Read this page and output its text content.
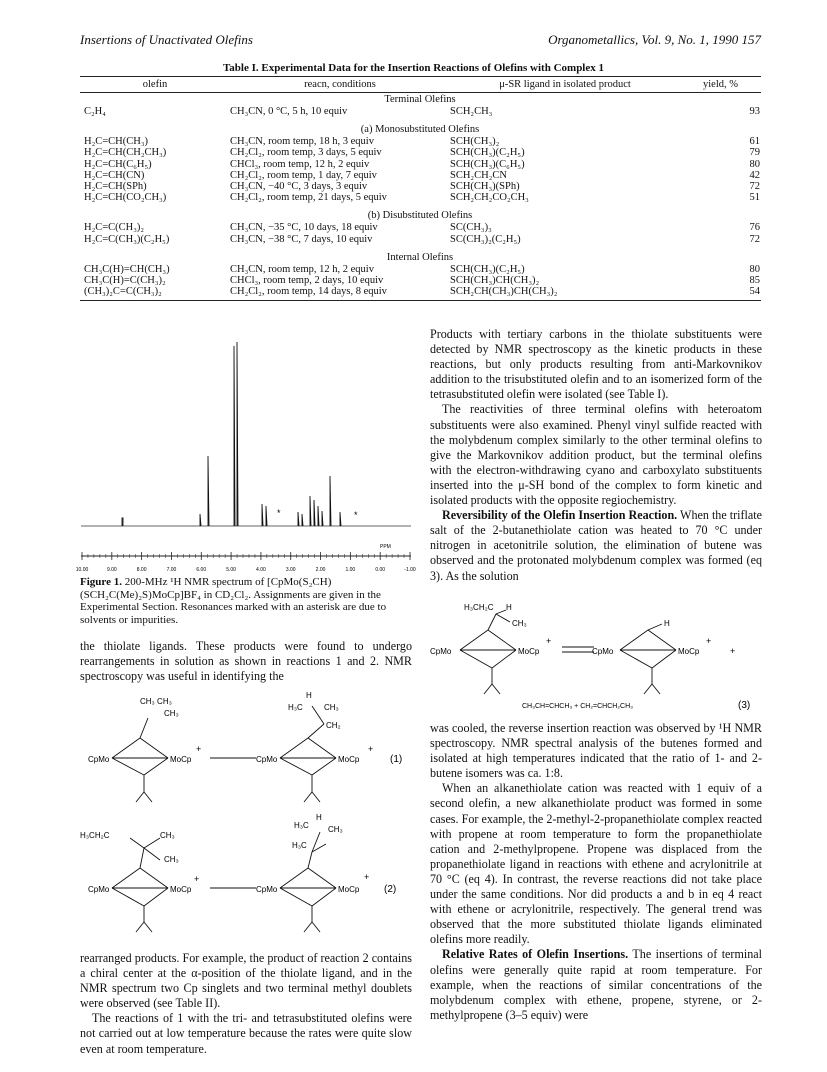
Insertions of Unactivated Olefins	Organometallics, Vol. 9, No. 1, 1990 157
Table I. Experimental Data for the Insertion Reactions of Olefins with Complex 1
olefin	reacn, conditions	μ-SR ligand in isolated product	yield, %
Terminal Olefins
C₂H₄	CH₃CN, 0 °C, 5 h, 10 equiv	SCH₂CH₃	93
(a) Monosubstituted Olefins
H₂C=CH(CH₃)	CH₃CN, room temp, 18 h, 3 equiv	SCH(CH₃)₂	61
H₂C=CH(CH₂CH₃)	CH₂Cl₂, room temp, 3 days, 5 equiv	SCH(CH₃)(C₂H₅)	79
H₂C=CH(C₆H₅)	CHCl₃, room temp, 12 h, 2 equiv	SCH(CH₃)(C₆H₅)	80
H₂C=CH(CN)	CH₂Cl₂, room temp, 1 day, 7 equiv	SCH₂CH₂CN	42
H₂C=CH(SPh)	CH₃CN, −40 °C, 3 days, 3 equiv	SCH(CH₃)(SPh)	72
H₂C=CH(CO₂CH₃)	CH₂Cl₂, room temp, 21 days, 5 equiv	SCH₂CH₂CO₂CH₃	51
(b) Disubstituted Olefins
H₂C=C(CH₃)₂	CH₃CN, −35 °C, 10 days, 18 equiv	SC(CH₃)₃	76
H₂C=C(CH₃)(C₂H₅)	CH₃CN, −38 °C, 7 days, 10 equiv	SC(CH₃)₂(C₂H₅)	72
Internal Olefins
CH₃C(H)=CH(CH₃)	CH₃CN, room temp, 12 h, 2 equiv	SCH(CH₃)(C₂H₅)	80
CH₃C(H)=C(CH₃)₂	CHCl₃, room temp, 2 days, 10 equiv	SCH(CH₃)CH(CH₃)₂	85
(CH₃)₂C=C(CH₃)₂	CH₂Cl₂, room temp, 14 days, 8 equiv	SCH₂CH(CH₃)CH(CH₃)₂	54
10.00	9.00	8.00	7.00	6.00	5.00	4.00	3.00	2.00	1.00	0.00	-1.00
PPM
*	*
Figure 1. 200-MHz ¹H NMR spectrum of [CpMo(S₂CH)(SCH₂C(Me)₂S)MoCp]BF₄ in CD₂Cl₂. Assignments are given in the Experimental Section. Resonances marked with an asterisk are due to solvents or impurities.

the thiolate ligands. These products were found to undergo rearrangements in solution as shown in reactions 1 and 2. NMR spectroscopy was useful in identifying the

CH₃ CH₃
CH₃
CpMo	MoCp
+
H
H₃C	CH₃
CH₂
CpMo	MoCp
+
(1)
H₃CH₂C	CH₃
CH₃
CpMo	MoCp
+
H
H₃C CH₃
H₃C
CpMo	MoCp
+
(2)

rearranged products. For example, the product of reaction 2 contains a chiral center at the α-position of the thiolate ligand, and in the NMR spectrum two Cp singlets and two terminal methyl doublets were observed (see Table II).

The reactions of 1 with the tri- and tetrasubstituted olefins were not carried out at low temperature because the rates were quite slow even at room temperature.

Products with tertiary carbons in the thiolate substituents were detected by NMR spectroscopy as the kinetic products in these reactions, but only products resulting from anti-Markovnikov addition to the trisubstituted olefin and to an isomerized form of the tetrasubstituted olefin were isolated (see Table I).

The reactivities of three terminal olefins with heteroatom substituents were also examined. Phenyl vinyl sulfide reacted with the molybdenum complex similarly to the other terminal olefins to give the Markovnikov addition product, but the terminal olefins with the electron-withdrawing cyano and carboxylato substituents inserted into the μ-SH bond of the complex to form kinetic and isolated products with the opposite regiochemistry.

Reversibility of the Olefin Insertion Reaction. When the triflate salt of the 2-butanethiolate cation was heated to 70 °C under nitrogen in acetonitrile solution, the elimination of butene was observed and the protonated molybdenum complex was formed (eq 3). As the solution

H₃CH₂C H
CH₃
CpMo	MoCp
+
H
CpMo	MoCp
+
+
CH₃CH=CHCH₃ + CH₂=CHCH₂CH₃	(3)

was cooled, the reverse insertion reaction was observed by ¹H NMR spectroscopy. NMR spectral analysis of the butenes formed and isolated at high temperatures indicated that the ratio of 1- and 2-butene isomers was ca. 1:8.

When an alkanethiolate cation was reacted with 1 equiv of a second olefin, a new alkanethiolate product was formed in some cases. For example, the 2-methyl-2-propanethiolate complex reacted with propene at room temperature to form the propanethiolate cation and 2-methylpropene. Propene was displaced from the propanethiolate ligand in reactions with ethene and acrylonitrile at 70 °C (eq 4). In contrast, the reverse reactions did not take place under the same conditions. Nor did products a and b in eq 4 react with ethene or acrylonitrile, respectively. The general trend was observed that the more substituted thiolate ligands eliminated olefins more readily.

Relative Rates of Olefin Insertions. The insertions of terminal olefins were generally quite rapid at room temperature. For example, when the reactions of similar concentrations of the molybdenum complex with ethene, propene, styrene, or 2-methylpropene (3–5 equiv) were
